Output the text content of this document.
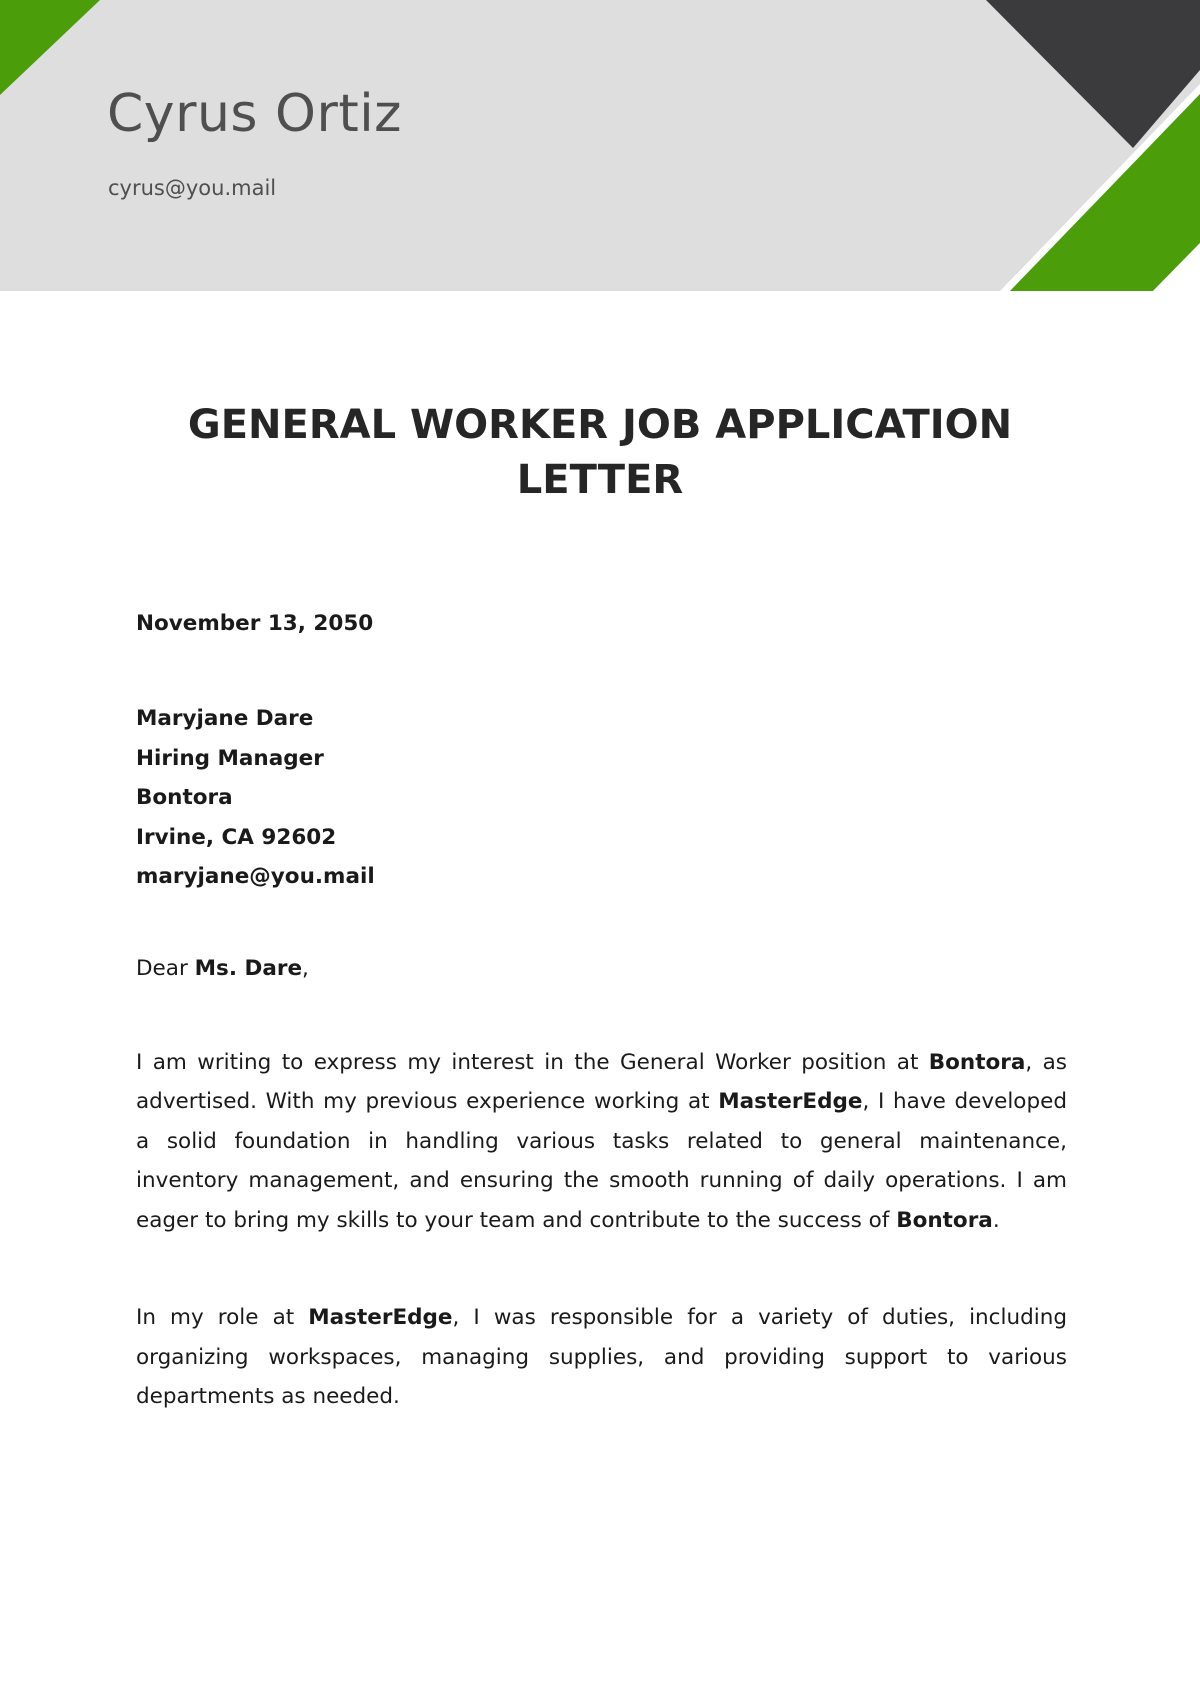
Cyrus Ortiz

cyrus@you.mail

GENERAL WORKER JOB APPLICATION
LETTER

November 13, 2050

Maryjane Dare
Hiring Manager
Bontora
Irvine, CA 92602
maryjane@you.mail

Dear Ms. Dare,

I am writing to express my interest in the General Worker position at Bontora, as advertised. With my previous experience working at MasterEdge, I have developed a solid foundation in handling various tasks related to general maintenance, inventory management, and ensuring the smooth running of daily operations. I am eager to bring my skills to your team and contribute to the success of Bontora.

In my role at MasterEdge, I was responsible for a variety of duties, including organizing workspaces, managing supplies, and providing support to various departments as needed.
